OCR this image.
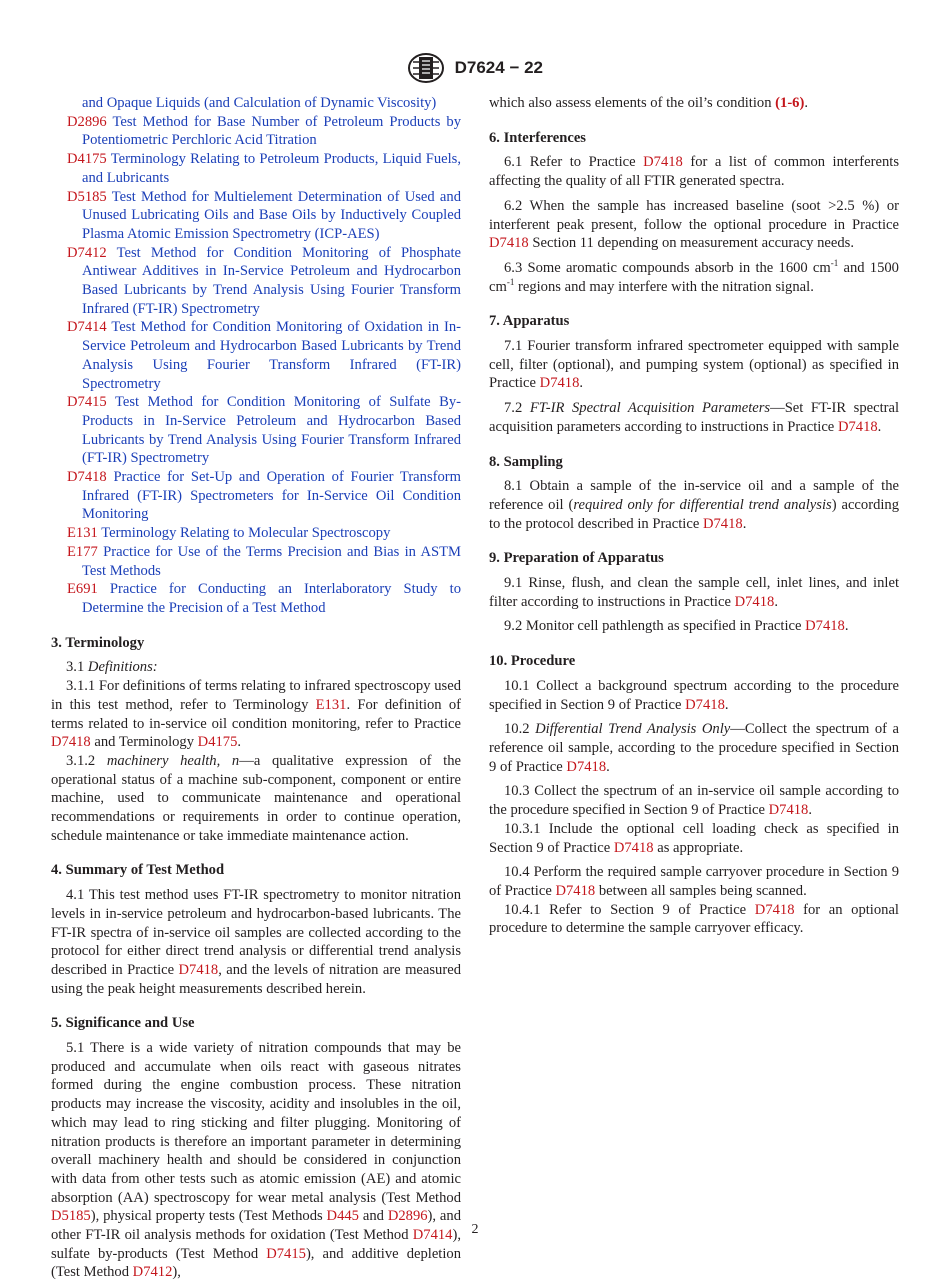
D7624 − 22

and Opaque Liquids (and Calculation of Dynamic Viscosity)

D2896 Test Method for Base Number of Petroleum Products by Potentiometric Perchloric Acid Titration

D4175 Terminology Relating to Petroleum Products, Liquid Fuels, and Lubricants

D5185 Test Method for Multielement Determination of Used and Unused Lubricating Oils and Base Oils by Inductively Coupled Plasma Atomic Emission Spectrometry (ICP-AES)

D7412 Test Method for Condition Monitoring of Phosphate Antiwear Additives in In-Service Petroleum and Hydrocarbon Based Lubricants by Trend Analysis Using Fourier Transform Infrared (FT-IR) Spectrometry

D7414 Test Method for Condition Monitoring of Oxidation in In-Service Petroleum and Hydrocarbon Based Lubricants by Trend Analysis Using Fourier Transform Infrared (FT-IR) Spectrometry

D7415 Test Method for Condition Monitoring of Sulfate By-Products in In-Service Petroleum and Hydrocarbon Based Lubricants by Trend Analysis Using Fourier Transform Infrared (FT-IR) Spectrometry

D7418 Practice for Set-Up and Operation of Fourier Transform Infrared (FT-IR) Spectrometers for In-Service Oil Condition Monitoring

E131 Terminology Relating to Molecular Spectroscopy

E177 Practice for Use of the Terms Precision and Bias in ASTM Test Methods

E691 Practice for Conducting an Interlaboratory Study to Determine the Precision of a Test Method

3. Terminology

3.1 Definitions:

3.1.1 For definitions of terms relating to infrared spectroscopy used in this test method, refer to Terminology E131. For definition of terms related to in-service oil condition monitoring, refer to Practice D7418 and Terminology D4175.

3.1.2 machinery health, n—a qualitative expression of the operational status of a machine sub-component, component or entire machine, used to communicate maintenance and operational recommendations or requirements in order to continue operation, schedule maintenance or take immediate maintenance action.

4. Summary of Test Method

4.1 This test method uses FT-IR spectrometry to monitor nitration levels in in-service petroleum and hydrocarbon-based lubricants. The FT-IR spectra of in-service oil samples are collected according to the protocol for either direct trend analysis or differential trend analysis described in Practice D7418, and the levels of nitration are measured using the peak height measurements described herein.

5. Significance and Use

5.1 There is a wide variety of nitration compounds that may be produced and accumulate when oils react with gaseous nitrates formed during the engine combustion process. These nitration products may increase the viscosity, acidity and insolubles in the oil, which may lead to ring sticking and filter plugging. Monitoring of nitration products is therefore an important parameter in determining overall machinery health and should be considered in conjunction with data from other tests such as atomic emission (AE) and atomic absorption (AA) spectroscopy for wear metal analysis (Test Method D5185), physical property tests (Test Methods D445 and D2896), and other FT-IR oil analysis methods for oxidation (Test Method D7414), sulfate by-products (Test Method D7415), and additive depletion (Test Method D7412),

which also assess elements of the oil’s condition (1-6).

6. Interferences

6.1 Refer to Practice D7418 for a list of common interferents affecting the quality of all FTIR generated spectra.

6.2 When the sample has increased baseline (soot >2.5 %) or interferent peak present, follow the optional procedure in Practice D7418 Section 11 depending on measurement accuracy needs.

6.3 Some aromatic compounds absorb in the 1600 $cm^{-1}$ and 1500 $cm^{-1}$ regions and may interfere with the nitration signal.

7. Apparatus

7.1 Fourier transform infrared spectrometer equipped with sample cell, filter (optional), and pumping system (optional) as specified in Practice D7418.

7.2 FT-IR Spectral Acquisition Parameters—Set FT-IR spectral acquisition parameters according to instructions in Practice D7418.

8. Sampling

8.1 Obtain a sample of the in-service oil and a sample of the reference oil (required only for differential trend analysis) according to the protocol described in Practice D7418.

9. Preparation of Apparatus

9.1 Rinse, flush, and clean the sample cell, inlet lines, and inlet filter according to instructions in Practice D7418.

9.2 Monitor cell pathlength as specified in Practice D7418.

10. Procedure

10.1 Collect a background spectrum according to the procedure specified in Section 9 of Practice D7418.

10.2 Differential Trend Analysis Only—Collect the spectrum of a reference oil sample, according to the procedure specified in Section 9 of Practice D7418.

10.3 Collect the spectrum of an in-service oil sample according to the procedure specified in Section 9 of Practice D7418.

10.3.1 Include the optional cell loading check as specified in Section 9 of Practice D7418 as appropriate.

10.4 Perform the required sample carryover procedure in Section 9 of Practice D7418 between all samples being scanned.

10.4.1 Refer to Section 9 of Practice D7418 for an optional procedure to determine the sample carryover efficacy.

2
